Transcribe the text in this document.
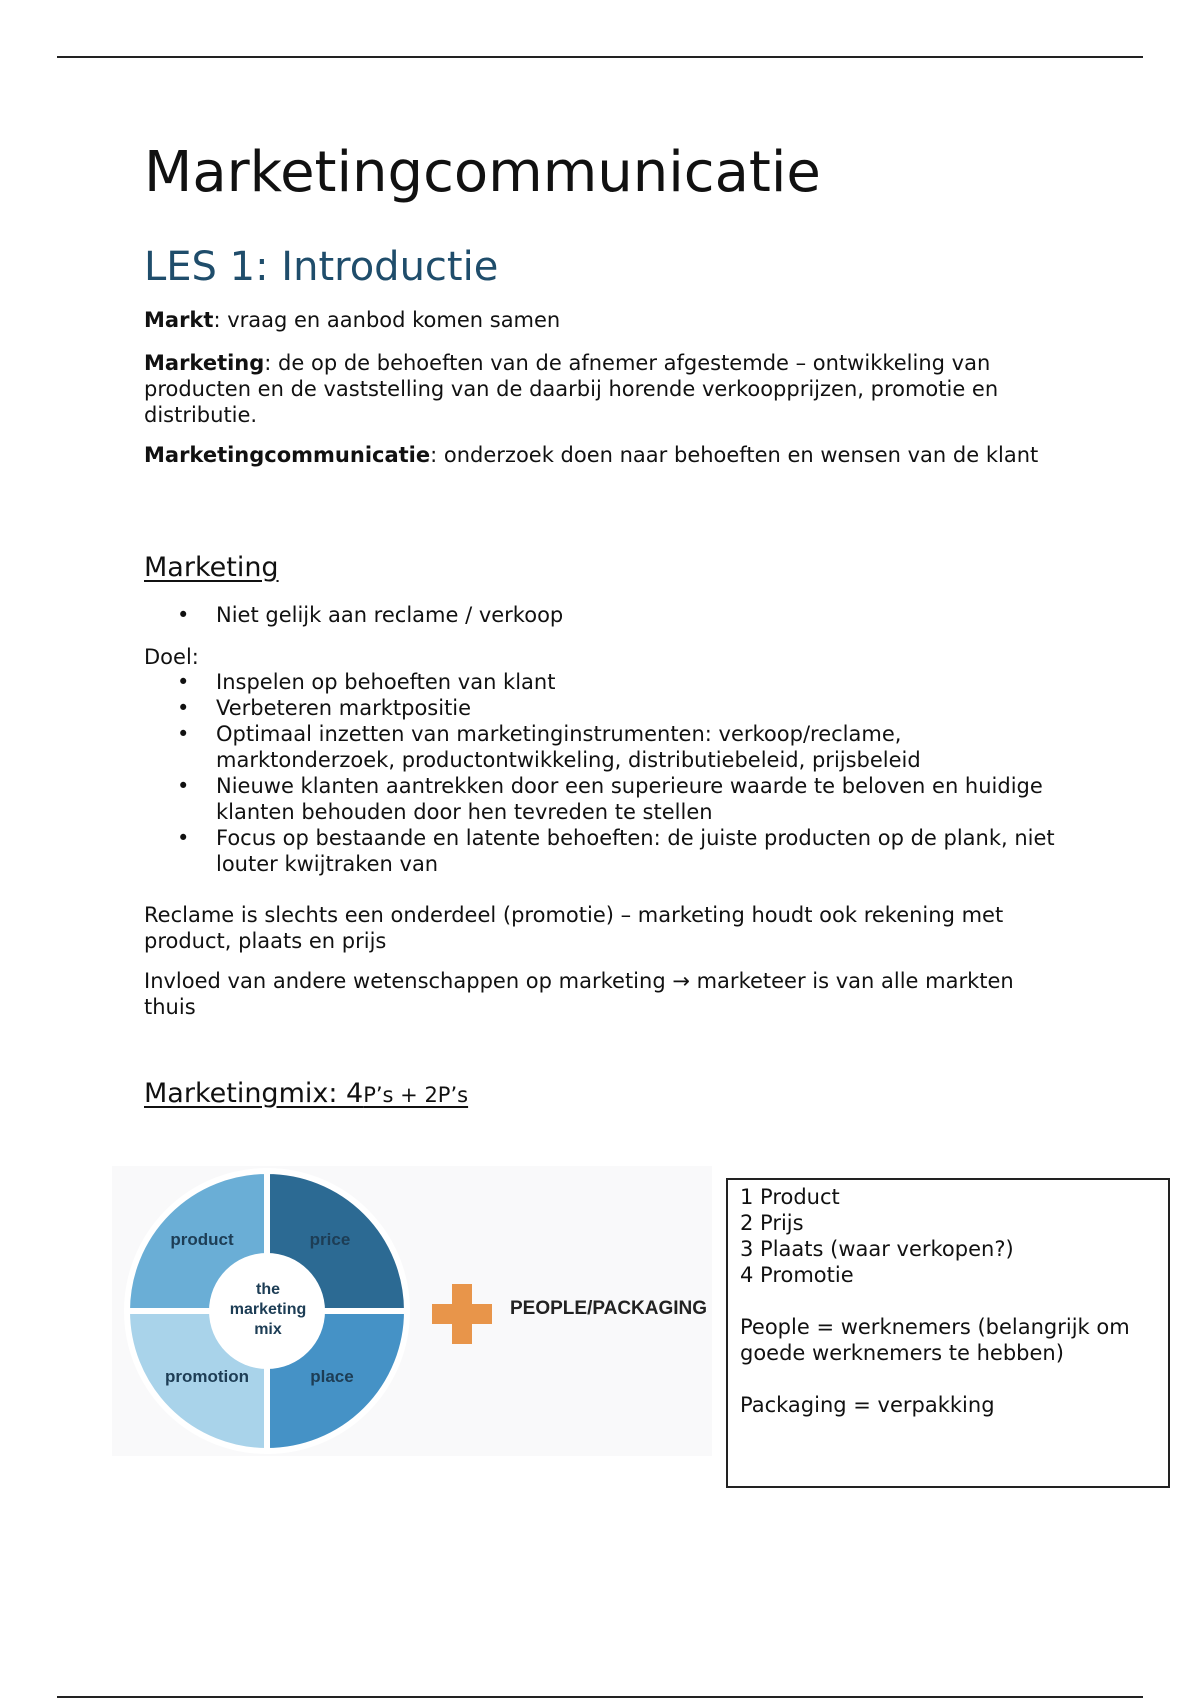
Marketingcommunicatie
LES 1: Introductie

Markt: vraag en aanbod komen samen

Marketing: de op de behoeften van de afnemer afgestemde – ontwikkeling van producten en de vaststelling van de daarbij horende verkoopprijzen, promotie en distributie.

Marketingcommunicatie: onderzoek doen naar behoeften en wensen van de klant

Marketing
• Niet gelijk aan reclame / verkoop

Doel:

• Inspelen op behoeften van klant
• Verbeteren marktpositie
• Optimaal inzetten van marketinginstrumenten: verkoop/reclame, marktonderzoek, productontwikkeling, distributiebeleid, prijsbeleid
• Nieuwe klanten aantrekken door een superieure waarde te beloven en huidige klanten behouden door hen tevreden te stellen
• Focus op bestaande en latente behoeften: de juiste producten op de plank, niet louter kwijtraken van

Reclame is slechts een onderdeel (promotie) – marketing houdt ook rekening met product, plaats en prijs

Invloed van andere wetenschappen op marketing → marketeer is van alle markten thuis

Marketingmix: 4P’s + 2P’s
product	price
promotion	place
the
marketing
mix
PEOPLE/PACKAGING
1 Product
2 Prijs
3 Plaats (waar verkopen?)
4 Promotie
People = werknemers (belangrijk om
goede werknemers te hebben)
Packaging = verpakking
